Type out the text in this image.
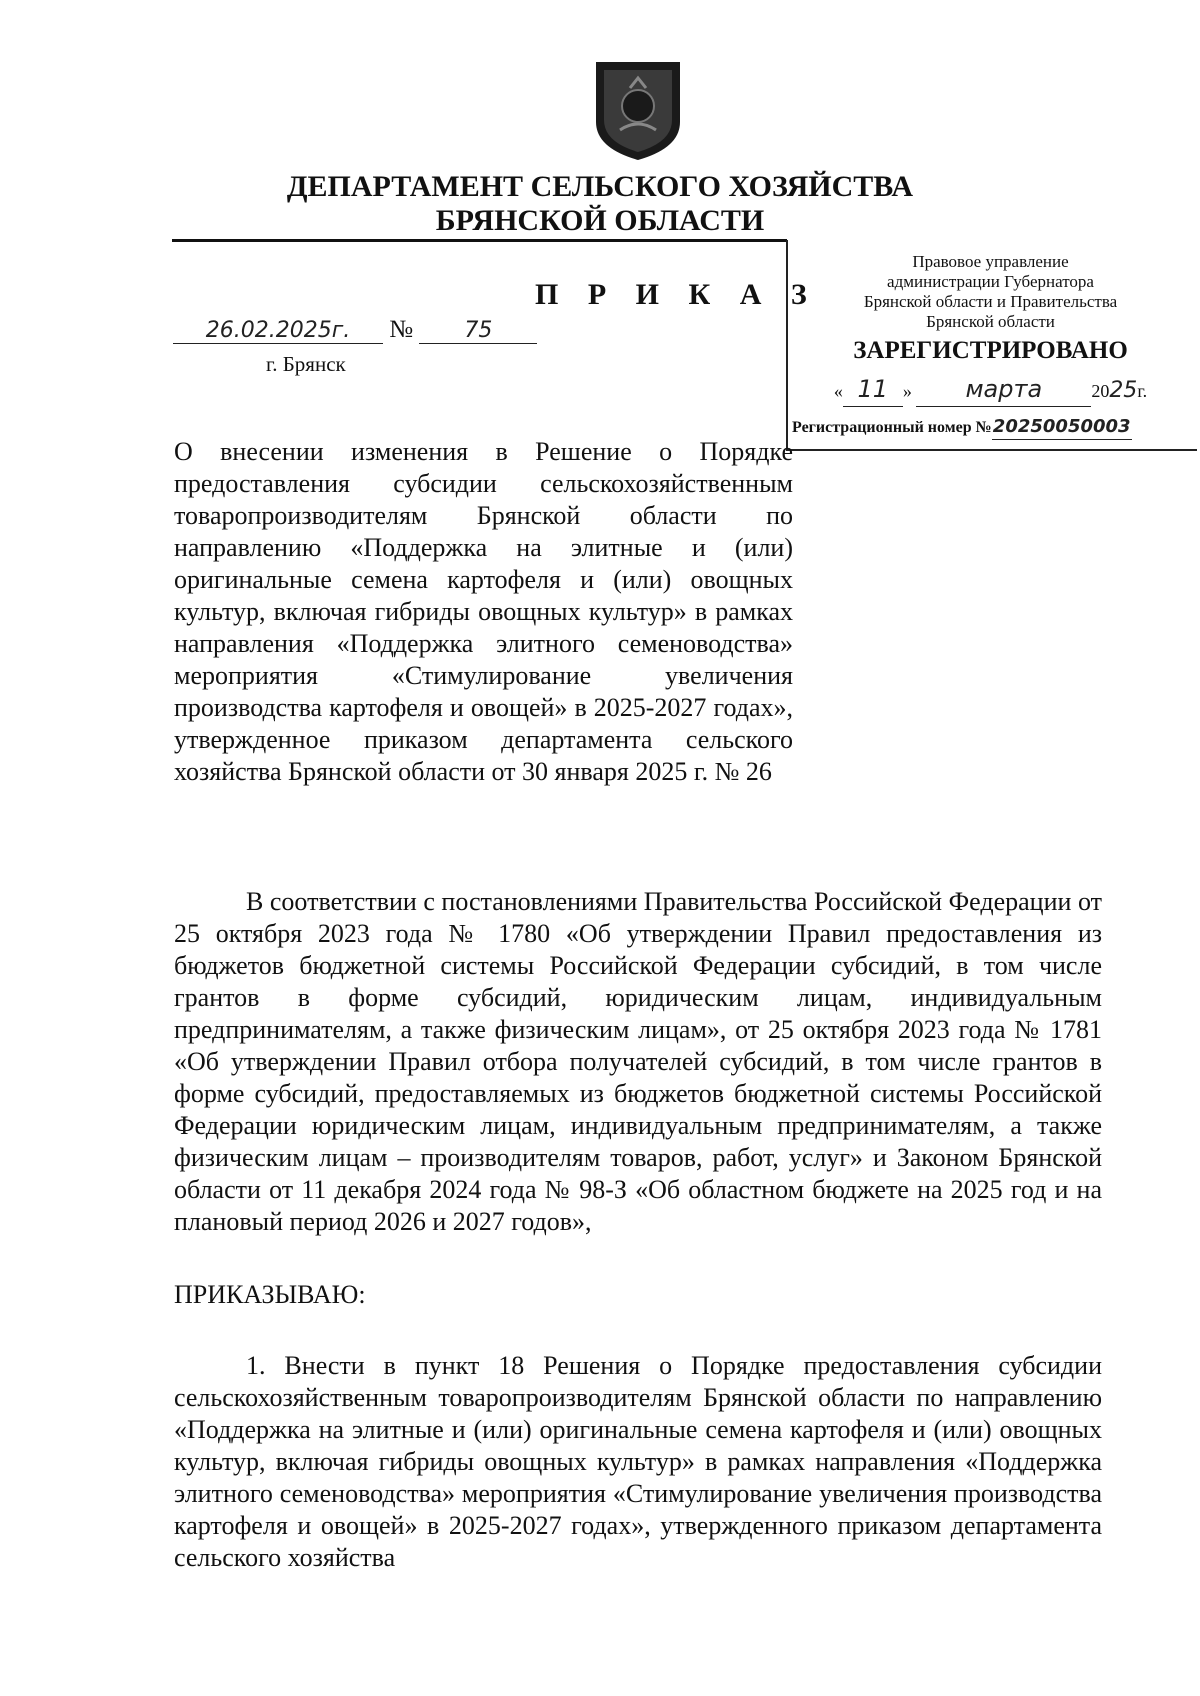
ДЕПАРТАМЕНТ СЕЛЬСКОГО ХОЗЯЙСТВА
БРЯНСКОЙ ОБЛАСТИ
Правовое управление
администрации Губернатора
Брянской области и Правительства
Брянской области
ЗАРЕГИСТРИРОВАНО
« 11 » марта	2025г.
Регистрационный номер №20250050003
П Р И К А З
26.02.2025г. № 75
г. Брянск
О внесении изменения в Решение о Порядке предоставления субсидии сельскохозяйственным товаропроизводителям Брянской области по направлению «Поддержка на элитные и (или) оригинальные семена картофеля и (или) овощных культур, включая гибриды овощных культур» в рамках направления «Поддержка элитного семеноводства» мероприятия «Стимулирование увеличения производства картофеля и овощей» в 2025-2027 годах», утвержденное приказом департамента сельского хозяйства Брянской области от 30 января 2025 г. № 26
В соответствии с постановлениями Правительства Российской Федерации от 25 октября 2023 года № 1780 «Об утверждении Правил предоставления из бюджетов бюджетной системы Российской Федерации субсидий, в том числе грантов в форме субсидий, юридическим лицам, индивидуальным предпринимателям, а также физическим лицам», от 25 октября 2023 года № 1781 «Об утверждении Правил отбора получателей субсидий, в том числе грантов в форме субсидий, предоставляемых из бюджетов бюджетной системы Российской Федерации юридическим лицам, индивидуальным предпринимателям, а также физическим лицам – производителям товаров, работ, услуг» и Законом Брянской области от 11 декабря 2024 года № 98-З «Об областном бюджете на 2025 год и на плановый период 2026 и 2027 годов»,
ПРИКАЗЫВАЮ:
1. Внести в пункт 18 Решения о Порядке предоставления субсидии сельскохозяйственным товаропроизводителям Брянской области по направлению «Поддержка на элитные и (или) оригинальные семена картофеля и (или) овощных культур, включая гибриды овощных культур» в рамках направления «Поддержка элитного семеноводства» мероприятия «Стимулирование увеличения производства картофеля и овощей» в 2025-2027 годах», утвержденного приказом департамента сельского хозяйства
